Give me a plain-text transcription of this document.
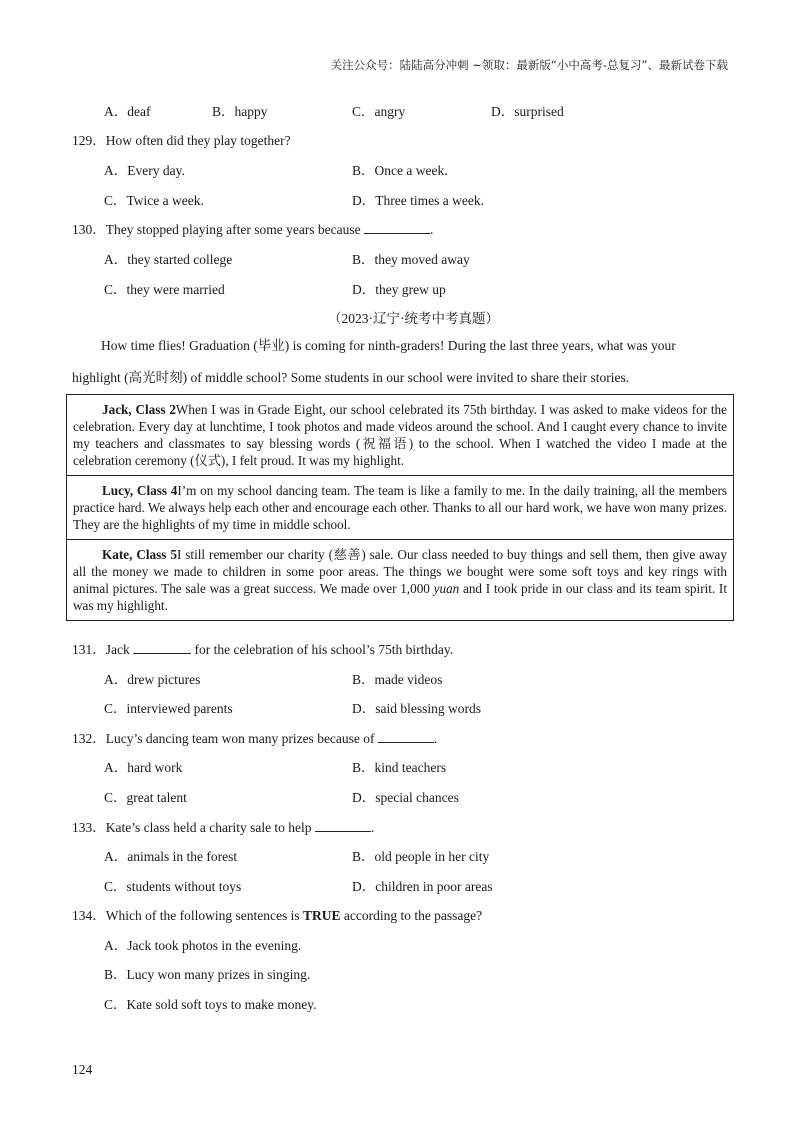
关注公众号：陆陆高分冲刺 ~领取：最新版“小中高考-总复习”、最新试卷下载
A．deaf	B．happy	C．angry	D．surprised
129．How often did they play together?
A．Every day.	B．Once a week.
C．Twice a week.	D．Three times a week.
130．They stopped playing after some years because	.
A．they started college	B．they moved away
C．they were married	D．they grew up
（2023·辽宁·统考中考真题）
How time flies! Graduation (毕业) is coming for ninth-graders! During the last three years, what was your
highlight (高光时刻) of middle school? Some students in our school were invited to share their stories.
Jack, Class 2When I was in Grade Eight, our school celebrated its 75th birthday. I was asked to make videos for the celebration. Every day at lunchtime, I took photos and made videos around the school. And I caught every chance to invite my teachers and classmates to say blessing words (祝福语) to the school. When I watched the video I made at the celebration ceremony (仪式), I felt proud. It was my highlight.
Lucy, Class 4I’m on my school dancing team. The team is like a family to me. In the daily training, all the members practice hard. We always help each other and encourage each other. Thanks to all our hard work, we have won many prizes. They are the highlights of my time in middle school.
Kate, Class 5I still remember our charity (慈善) sale. Our class needed to buy things and sell them, then give away all the money we made to children in some poor areas. The things we bought were some soft toys and key rings with animal pictures. The sale was a great success. We made over 1,000 yuan and I took pride in our class and its team spirit. It was my highlight.
131．Jack	for the celebration of his school’s 75th birthday.
A．drew pictures	B．made videos
C．interviewed parents	D．said blessing words
132．Lucy’s dancing team won many prizes because of	.
A．hard work	B．kind teachers
C．great talent	D．special chances
133．Kate’s class held a charity sale to help	.
A．animals in the forest	B．old people in her city
C．students without toys	D．children in poor areas
134．Which of the following sentences is TRUE according to the passage?
A．Jack took photos in the evening.
B．Lucy won many prizes in singing.
C．Kate sold soft toys to make money.
124
